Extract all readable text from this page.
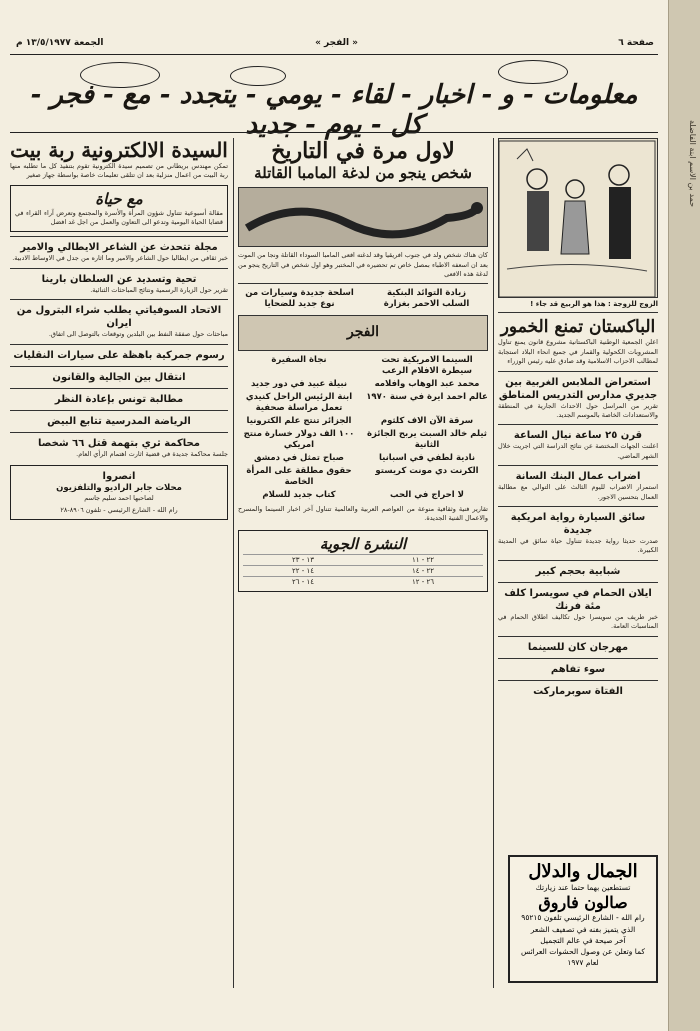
صفحة ٦
« الفجر »
الجمعة ١٣/٥/١٩٧٧ م
معلومات - و - اخبار - لقاء - يومي - يتجدد - مع - فجر - كل - يوم - جديد
الزوج للزوجة : هذا هو الربيع قد جاء !
الباكستان تمنع الخمور
اعلن الجمعية الوطنية الباكستانية مشروع قانون يمنع تناول المشروبات الكحولية والقمار في جميع انحاء البلاد استجابة لمطالب الاحزاب الاسلامية وقد صادق عليه رئيس الوزراء
استعراض الملابس الغربية بين جديري مدارس التدريس المناطق
تقرير من المراسل حول الاحداث الجارية في المنطقة والاستعدادات الخاصة بالموسم الجديد.
قرن ٢٥ ساعة نيال الساعة
اعلنت الجهات المختصة عن نتائج الدراسة التي اجريت خلال الشهر الماضي.
اضراب عمال البنك السانة
استمرار الاضراب لليوم الثالث على التوالي مع مطالبة العمال بتحسين الاجور.
سائق السيارة رواية امريكية جديدة
صدرت حديثا رواية جديدة تتناول حياة سائق في المدينة الكبيرة.
شبابية بحجم كبير
ايلان الحمام في سويسرا كلف مئة فرنك
خبر طريف من سويسرا حول تكاليف اطلاق الحمام في المناسبات العامة.
مهرجان كان للسينما
سوء تفاهم
الفتاة سوبرماركت
لاول مرة في التاريخ
شخص ينجو من لدغة المامبا القاتلة
كان هناك شخص ولد في جنوب افريقيا وقد لدغته افعى المامبا السوداء القاتلة ونجا من الموت بعد ان اسعفه الاطباء بمصل خاص تم تحضيره في المختبر وهو اول شخص في التاريخ ينجو من لدغة هذه الافعى
زيادة التوائد البنكية
السلب الاحمر بغزارة
اسلحة جديدة وسيارات من نوع جديد للضحايا
الفجر
السينما الامريكية تحت سيطرة الافلام الرعب
نجاة السفيرة
محمد عبد الوهاب وافلامه
نبيلة عبيد في دور جديد
عالم احمد ايرة في سنة ١٩٧٠
ابنة الرئيس الراحل كنيدي تعمل مراسلة صحفية
سرقة الآن الاف كلثوم
الجزائر تنتج علم الكترونيا
ثيلم خالد السبت يربح الجائزة الثانية
١٠٠ الف دولار خسارة منتج امريكي
نادية لطفي في اسبانيا
صباح تمثل في دمشق
الكرنت دي مونت كريستو
حقوق مطلقة على المرأة الخاصة
لا احراج في الحب
كتاب جديد للسلام
تقارير فنية وثقافية منوعة من العواصم العربية والعالمية تتناول آخر اخبار السينما والمسرح والاعمال الفنية الجديدة.
النشرة الجوية
٢٢ - ١١	١٣ - ٢٣
٢٢ - ١٤	١٤ - ٢٢
٢٦ - ١٢	١٤ - ٢٦
السيدة الالكترونية ربة بيت
تمكن مهندس بريطاني من تصميم سيدة الكترونية تقوم بتنفيذ كل ما تطلبه منها ربة البيت من اعمال منزلية بعد ان تتلقى تعليمات خاصة بواسطة جهاز صغير
مع حياة
مقالة أسبوعية تتناول شؤون المرأة والأسرة والمجتمع وتعرض آراء القراء في قضايا الحياة اليومية وتدعو الى التعاون والعمل من اجل غد افضل
مجلة تتحدث عن الشاعر الايطالي والامير
خبر ثقافي من ايطاليا حول الشاعر والامير وما اثاره من جدل في الاوساط الادبية.
تحية وتسديد عن السلطان بارينا
تقرير حول الزيارة الرسمية ونتائج المباحثات الثنائية.
الاتحاد السوفياتي يطلب شراء البترول من ايران
مباحثات حول صفقة النفط بين البلدين وتوقعات بالتوصل الى اتفاق.
رسوم جمركية باهظة على سيارات النقليات
انتقال بين الجالية والقانون
مطالبة تونس بإعادة النظر
الرياضة المدرسية تتابع البيض
محاكمة ثري بتهمة قتل ٦٦ شخصا
جلسة محاكمة جديدة في قضية اثارت اهتمام الرأي العام.
انصروا
محلات جابر الراديو والتلفزيون
لصاحبها احمد سليم جاسم
رام الله - الشارع الرئيسي - تلفون ٨٩٠٦-٢٨
الجمال والدلال
تستطعين بهما حتما عند زيارتك
صالون فاروق
رام الله - الشارع الرئيسي تلفون ٩٥٢١٥
الذي يتميز بفنه في تصفيف الشعر
آخر صيحة في عالم التجميل
كما وتعلن عن وصول الحشوات العرائس لعام ١٩٧٧
حمد بن الاسم ابنة الفاضلة
